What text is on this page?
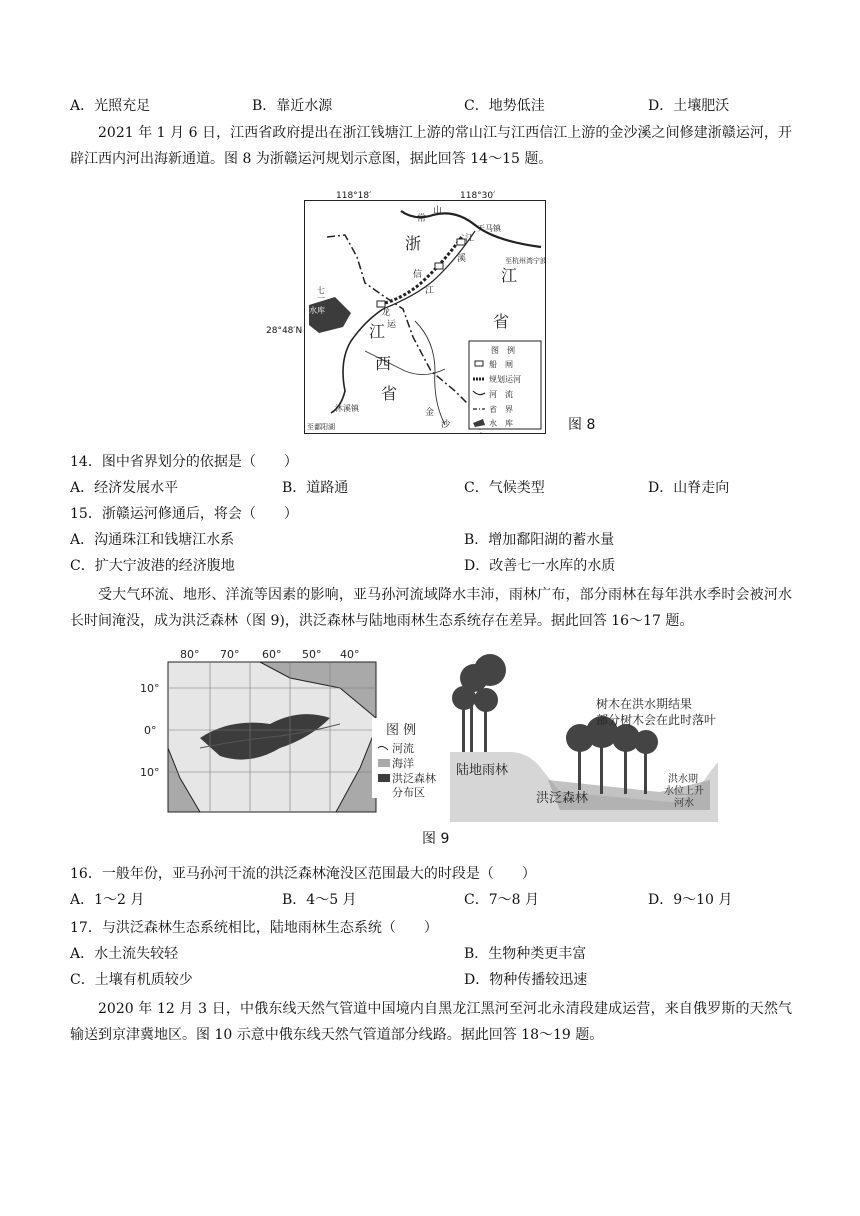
A．光照充足	B．靠近水源	C．地势低洼	D．土壤肥沃
2021 年 1 月 6 日，江西省政府提出在浙江钱塘江上游的常山江与江西信江上游的金沙溪之间修建浙赣运河，开辟江西内河出海新通道。图 8 为浙赣运河规划示意图，据此回答 14～15 题。
浙
江
省
江
西
省
常
山
江
溪
信
江
七
一
水库	龙
运
金
沙
天马镇
沐溪镇
至鄱阳湖
至杭州湾宁波
图　例
船　闸
规划运河
河　流
省　界
水　库
118°18′	118°30′
28°48′N
图 8
14．图中省界划分的依据是（　　）
A．经济发展水平	B．道路通	C．气候类型	D．山脊走向
15．浙赣运河修通后，将会（　　）
A．沟通珠江和钱塘江水系	B．增加鄱阳湖的蓄水量
C．扩大宁波港的经济腹地	D．改善七一水库的水质
受大气环流、地形、洋流等因素的影响，亚马孙河流域降水丰沛，雨林广布，部分雨林在每年洪水季时会被河水长时间淹没，成为洪泛森林（图 9)，洪泛森林与陆地雨林生态系统存在差异。据此回答 16～17 题。
80° 70° 60° 50° 40°
10°
0°
10°
图 例
河流
海洋
洪泛森林
分布区
陆地雨林
洪泛森林
树木在洪水期结果
部分树木会在此时落叶
洪水期
水位上升
河水
图 9
16．一般年份，亚马孙河干流的洪泛森林淹没区范围最大的时段是（　　）
A．1～2 月	B．4～5 月	C．7～8 月	D．9～10 月
17．与洪泛森林生态系统相比，陆地雨林生态系统（　　）
A．水土流失较轻	B．生物种类更丰富
C．土壤有机质较少	D．物种传播较迅速
2020 年 12 月 3 日，中俄东线天然气管道中国境内自黑龙江黑河至河北永清段建成运营，来自俄罗斯的天然气输送到京津冀地区。图 10 示意中俄东线天然气管道部分线路。据此回答 18～19 题。
